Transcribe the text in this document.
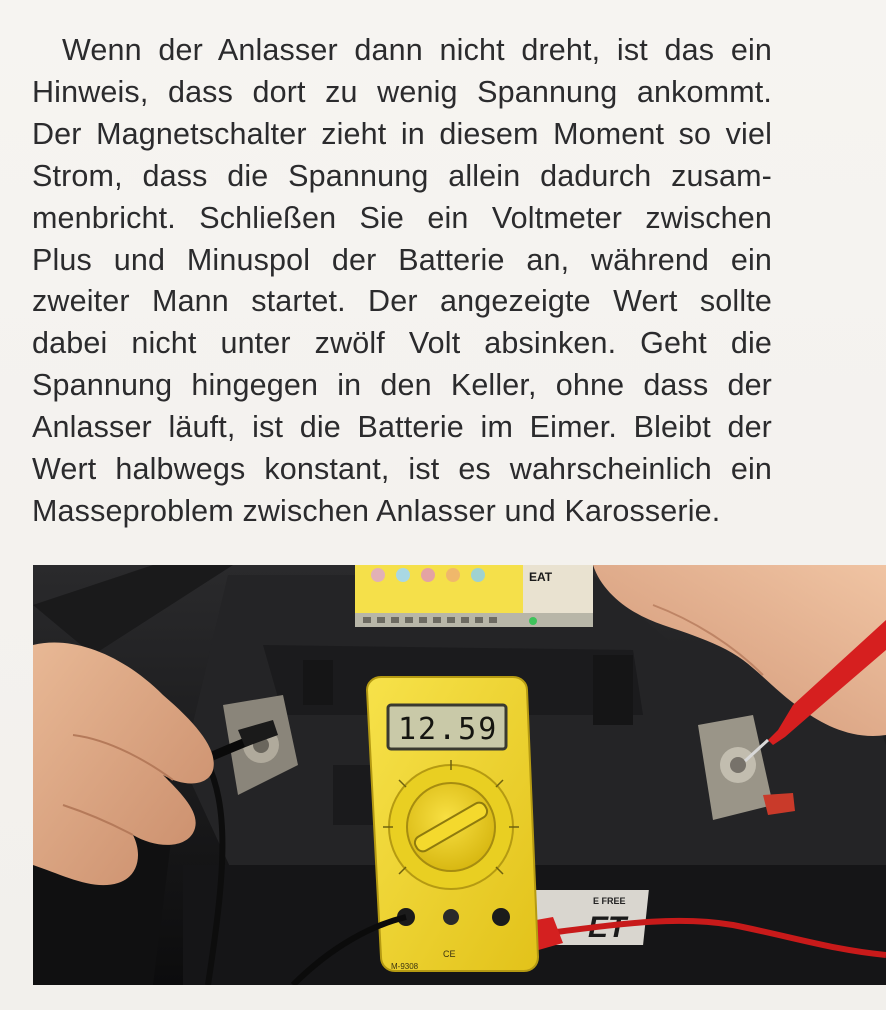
Wenn der Anlasser dann nicht dreht, ist das ein
Hinweis, dass dort zu wenig Spannung ankommt.
Der Magnetschalter zieht in diesem Moment so viel
Strom, dass die Spannung allein dadurch zusam-
menbricht. Schließen Sie ein Voltmeter zwischen
Plus und Minuspol der Batterie an, während ein
zweiter Mann startet. Der angezeigte Wert sollte
dabei nicht unter zwölf Volt absinken. Geht die
Spannung hingegen in den Keller, ohne dass der
Anlasser läuft, ist die Batterie im Eimer. Bleibt der
Wert halbwegs konstant, ist es wahrscheinlich ein
Masseproblem zwischen Anlasser und Karosserie.

EAT
E FREE
ET
12.59
CE
M-9308
